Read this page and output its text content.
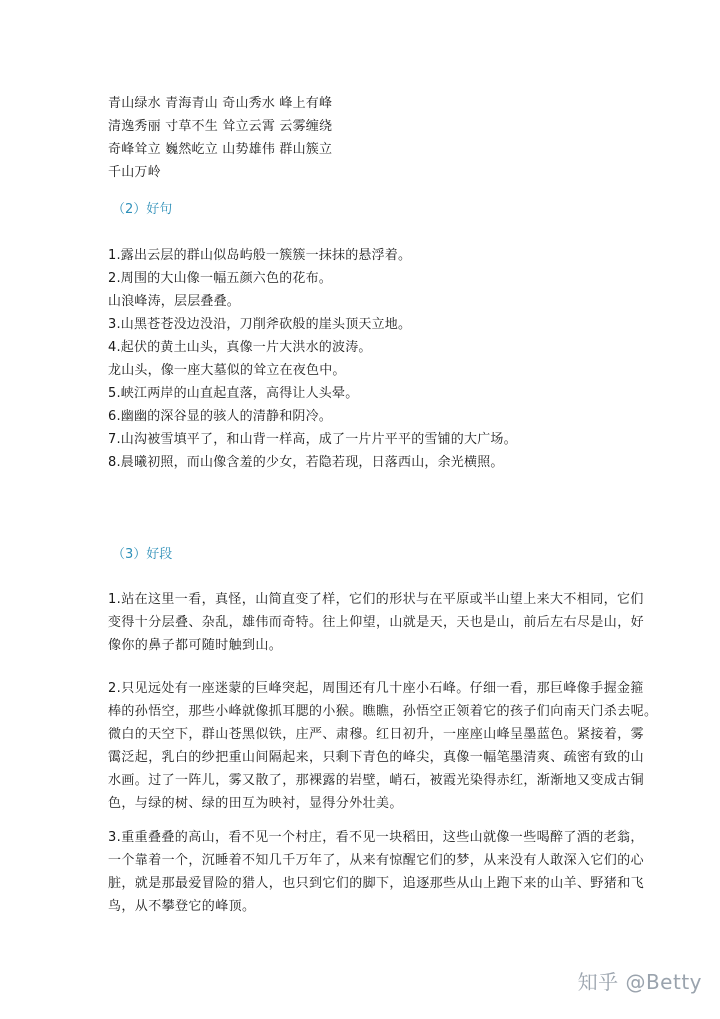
青山绿水 青海青山 奇山秀水 峰上有峰
清逸秀丽 寸草不生 耸立云霄 云雾缠绕
奇峰耸立 巍然屹立 山势雄伟 群山簇立
千山万岭
（2）好句
1.露出云层的群山似岛屿般一簇簇一抹抹的悬浮着。
2.周围的大山像一幅五颜六色的花布。
山浪峰涛，层层叠叠。
3.山黑苍苍没边没沿，刀削斧砍般的崖头顶天立地。
4.起伏的黄土山头，真像一片大洪水的波涛。
龙山头，像一座大墓似的耸立在夜色中。
5.峡江两岸的山直起直落，高得让人头晕。
6.幽幽的深谷显的骇人的清静和阴冷。
7.山沟被雪填平了，和山背一样高，成了一片片平平的雪铺的大广场。
8.晨曦初照，而山像含羞的少女，若隐若现，日落西山，余光横照。
（3）好段
1.站在这里一看，真怪，山简直变了样，它们的形状与在平原或半山望上来大不相同，它们
变得十分层叠、杂乱，雄伟而奇特。往上仰望，山就是天，天也是山，前后左右尽是山，好
像你的鼻子都可随时触到山。
2.只见远处有一座迷蒙的巨峰突起，周围还有几十座小石峰。仔细一看，那巨峰像手握金箍
棒的孙悟空，那些小峰就像抓耳腮的小猴。瞧瞧，孙悟空正领着它的孩子们向南天门杀去呢。
微白的天空下，群山苍黑似铁，庄严、肃穆。红日初升，一座座山峰呈墨蓝色。紧接着，雾
霭泛起，乳白的纱把重山间隔起来，只剩下青色的峰尖，真像一幅笔墨清爽、疏密有致的山
水画。过了一阵儿，雾又散了，那裸露的岩壁，峭石，被霞光染得赤红，渐渐地又变成古铜
色，与绿的树、绿的田互为映衬，显得分外壮美。
3.重重叠叠的高山，看不见一个村庄，看不见一块稻田，这些山就像一些喝醉了酒的老翁，
一个靠着一个，沉睡着不知几千万年了，从来有惊醒它们的梦，从来没有人敢深入它们的心
脏，就是那最爱冒险的猎人，也只到它们的脚下，追逐那些从山上跑下来的山羊、野猪和飞
鸟，从不攀登它的峰顶。
知乎 @Betty
